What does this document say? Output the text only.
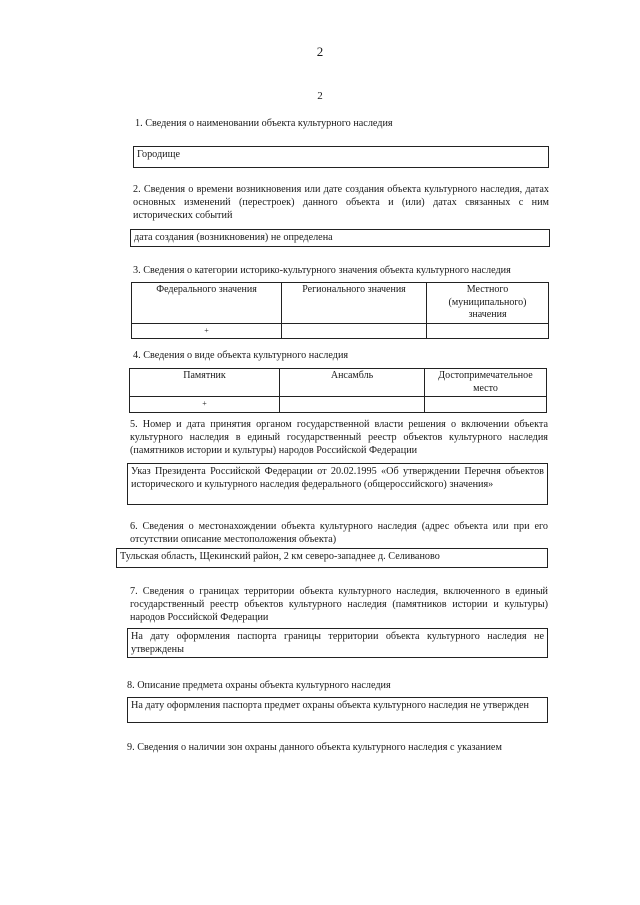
2
2
1. Сведения о наименовании объекта культурного наследия
Городище
2. Сведения о времени возникновения или дате создания объекта культурного наследия, датах основных изменений (перестроек) данного объекта и (или) датах связанных с ним исторических событий
дата создания (возникновения) не определена
3. Сведения о категории историко-культурного значения объекта культурного наследия
Федерального значения	Регионального значения	Местного (муниципального) значения
+		
4. Сведения о виде объекта культурного наследия
Памятник	Ансамбль	Достопримечательное место
+		
5. Номер и дата принятия органом государственной власти решения о включении объекта культурного наследия в единый государственный реестр объектов культурного наследия (памятников истории и культуры) народов Российской Федерации
Указ Президента Российской Федерации от 20.02.1995 «Об утверждении Перечня объектов исторического и культурного наследия федерального (общероссийского) значения»
6. Сведения о местонахождении объекта культурного наследия (адрес объекта или при его отсутствии описание местоположения объекта)
Тульская область, Щекинский район, 2 км северо-западнее д. Селиваново
7. Сведения о границах территории объекта культурного наследия, включенного в единый государственный реестр объектов культурного наследия (памятников истории и культуры) народов Российской Федерации
На дату оформления паспорта границы территории объекта культурного наследия не утверждены
8. Описание предмета охраны объекта культурного наследия
На дату оформления паспорта предмет охраны объекта культурного наследия не утвержден
9. Сведения о наличии зон охраны данного объекта культурного наследия с указанием
